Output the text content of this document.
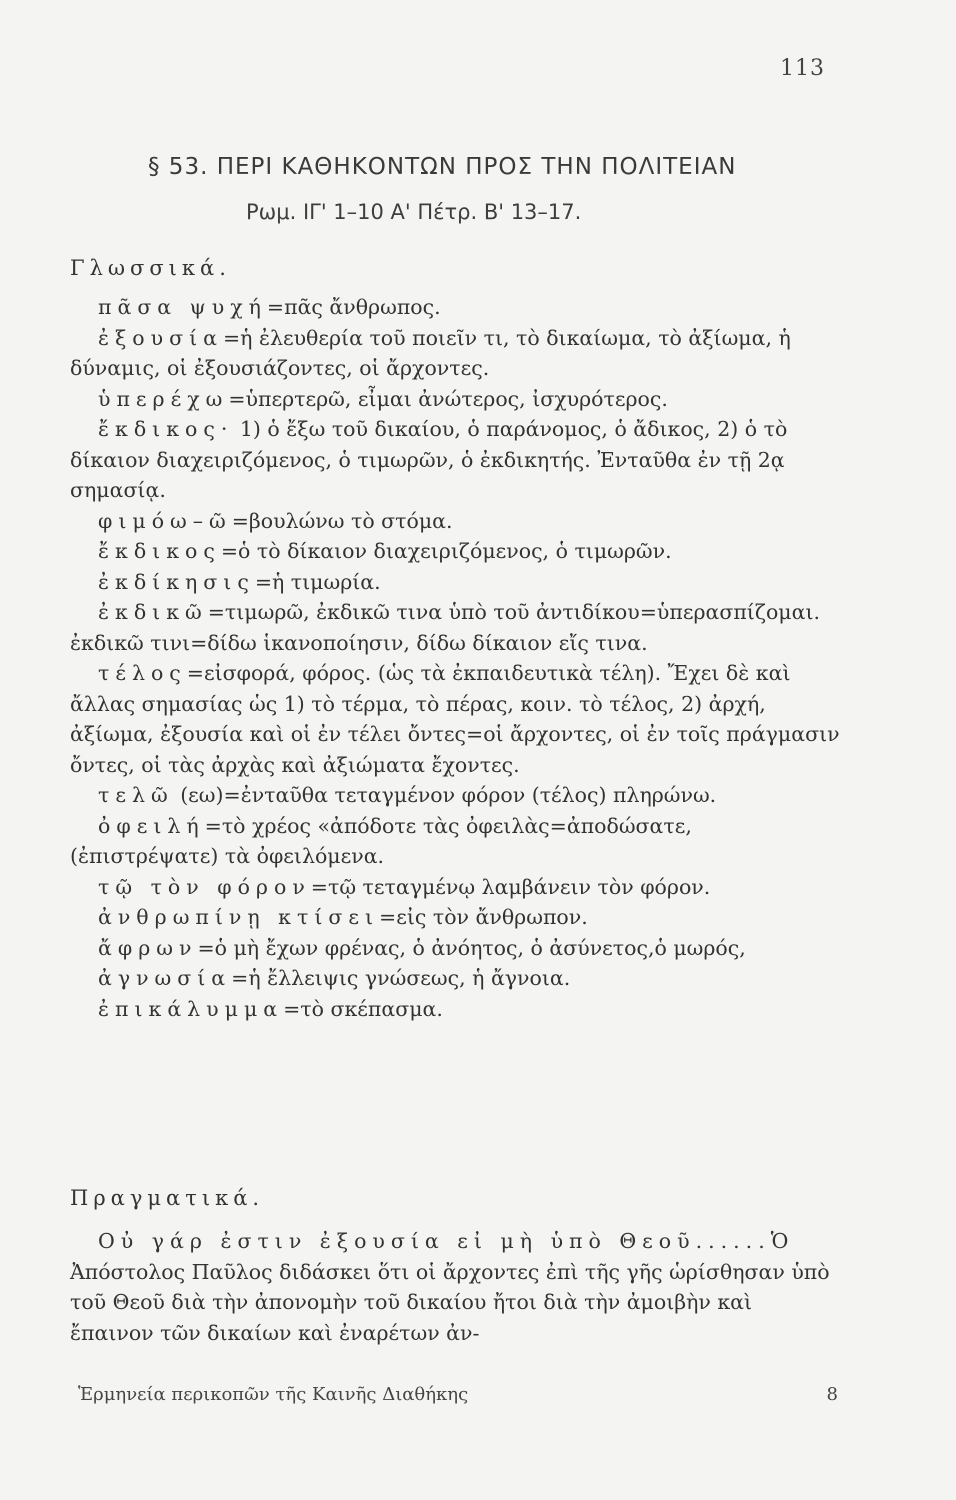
113
§ 53. ΠΕΡΙ ΚΑΘΗΚΟΝΤΩΝ ΠΡΟΣ ΤΗΝ ΠΟΛΙΤΕΙΑΝ
Ρωμ. ΙΓ' 1–10 Α' Πέτρ. Β' 13–17.
Γλωσσικά.

πᾶσα ψυχή=πᾶς ἄνθρωπος.

ἐξουσία=ἡ ἐλευθερία τοῦ ποιεῖν τι, τὸ δικαίωμα, τὸ ἀξίωμα, ἡ δύναμις, οἱ ἐξουσιάζοντες, οἱ ἄρχοντες.

ὑπερέχω=ὑπερτερῶ, εἶμαι ἀνώτερος, ἰσχυρότερος.

ἔκδικος· 1) ὁ ἔξω τοῦ δικαίου, ὁ παράνομος, ὁ ἄδικος, 2) ὁ τὸ δίκαιον διαχειριζόμενος, ὁ τιμωρῶν, ὁ ἐκδικητής. Ἐνταῦθα ἐν τῇ 2ᾳ σημασίᾳ.

φιμόω–ῶ=βουλώνω τὸ στόμα.

ἔκδικος=ὁ τὸ δίκαιον διαχειριζόμενος, ὁ τιμωρῶν.

ἐκδίκησις=ἡ τιμωρία.

ἐκδικῶ=τιμωρῶ, ἐκδικῶ τινα ὑπὸ τοῦ ἀντιδίκου=ὑπερασπίζομαι. ἐκδικῶ τινι=δίδω ἱκανοποίησιν, δίδω δίκαιον εἴς τινα.

τέλος=εἰσφορά, φόρος. (ὡς τὰ ἐκπαιδευτικὰ τέλη). Ἔχει δὲ καὶ ἄλλας σημασίας ὡς 1) τὸ τέρμα, τὸ πέρας, κοιν. τὸ τέλος, 2) ἀρχή, ἀξίωμα, ἐξουσία καὶ οἱ ἐν τέλει ὄντες=οἱ ἄρχοντες, οἱ ἐν τοῖς πράγμασιν ὄντες, οἱ τὰς ἀρχὰς καὶ ἀξιώματα ἔχοντες.

τελῶ (εω)=ἐνταῦθα τεταγμένον φόρον (τέλος) πληρώνω.

ὀφειλή=τὸ χρέος «ἀπόδοτε τὰς ὀφειλὰς=ἀποδώσατε, (ἐπιστρέψατε) τὰ ὀφειλόμενα.

τῷ τὸν φόρον=τῷ τεταγμένῳ λαμβάνειν τὸν φόρον.

ἀνθρωπίνῃ κτίσει=εἰς τὸν ἄνθρωπον.

ἄφρων=ὁ μὴ ἔχων φρένας, ὁ ἀνόητος, ὁ ἀσύνετος,ὁ μωρός,

ἀγνωσία=ἡ ἔλλειψις γνώσεως, ἡ ἄγνοια.

ἐπικάλυμμα=τὸ σκέπασμα.

Πραγματικά.

Οὐ γάρ ἐστιν ἐξουσία εἰ μὴ ὑπὸ Θεοῦ......Ὁ Ἀπόστολος Παῦλος διδάσκει ὅτι οἱ ἄρχοντες ἐπὶ τῆς γῆς ὡρίσθησαν ὑπὸ τοῦ Θεοῦ διὰ τὴν ἀπονομὴν τοῦ δικαίου ἤτοι διὰ τὴν ἀμοιβὴν καὶ ἔπαινον τῶν δικαίων καὶ ἐναρέτων ἀν-

Ἑρμηνεία περικοπῶν τῆς Καινῆς Διαθήκης	8
